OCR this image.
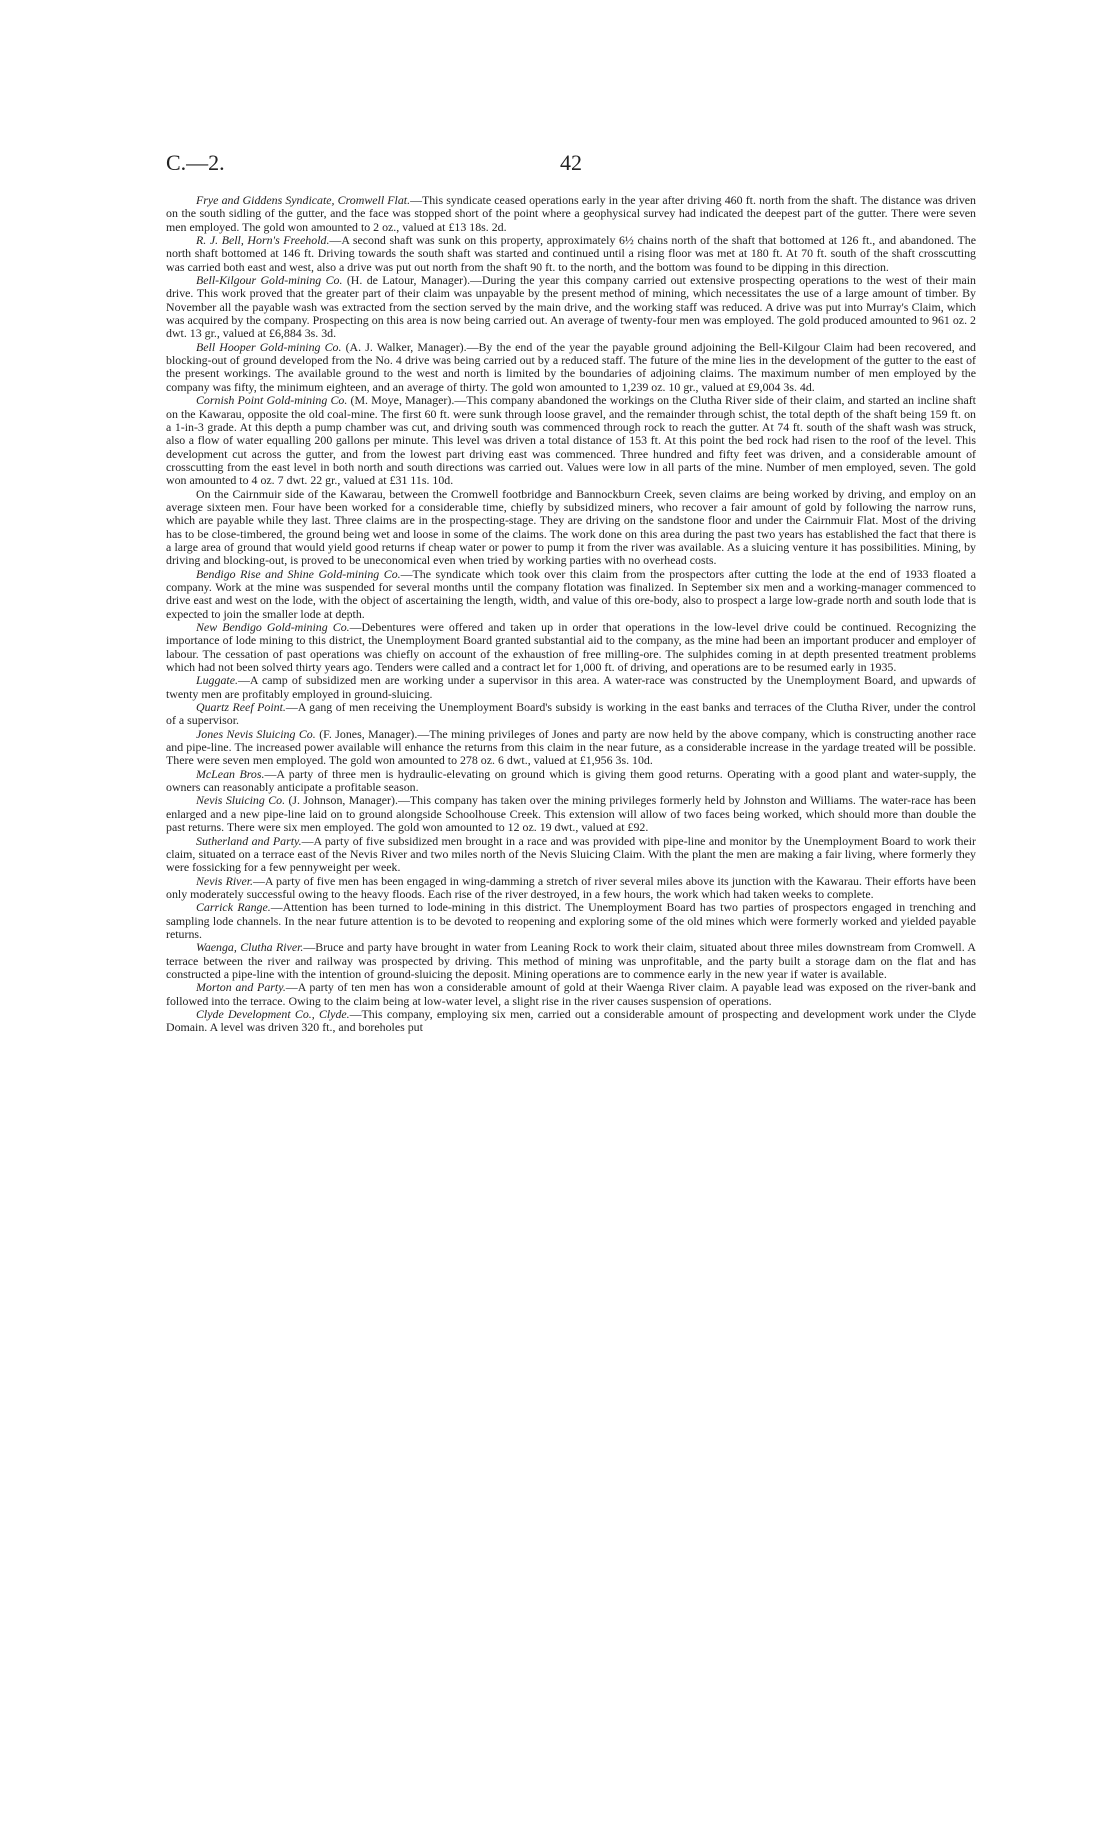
C.—2.	42

Frye and Giddens Syndicate, Cromwell Flat.—This syndicate ceased operations early in the year after driving 460 ft. north from the shaft. The distance was driven on the south sidling of the gutter, and the face was stopped short of the point where a geophysical survey had indicated the deepest part of the gutter. There were seven men employed. The gold won amounted to 2 oz., valued at £13 18s. 2d.

R. J. Bell, Horn's Freehold.—A second shaft was sunk on this property, approximately 6½ chains north of the shaft that bottomed at 126 ft., and abandoned. The north shaft bottomed at 146 ft. Driving towards the south shaft was started and continued until a rising floor was met at 180 ft. At 70 ft. south of the shaft crosscutting was carried both east and west, also a drive was put out north from the shaft 90 ft. to the north, and the bottom was found to be dipping in this direction.

Bell-Kilgour Gold-mining Co. (H. de Latour, Manager).—During the year this company carried out extensive prospecting operations to the west of their main drive. This work proved that the greater part of their claim was unpayable by the present method of mining, which necessitates the use of a large amount of timber. By November all the payable wash was extracted from the section served by the main drive, and the working staff was reduced. A drive was put into Murray's Claim, which was acquired by the company. Prospecting on this area is now being carried out. An average of twenty-four men was employed. The gold produced amounted to 961 oz. 2 dwt. 13 gr., valued at £6,884 3s. 3d.

Bell Hooper Gold-mining Co. (A. J. Walker, Manager).—By the end of the year the payable ground adjoining the Bell-Kilgour Claim had been recovered, and blocking-out of ground developed from the No. 4 drive was being carried out by a reduced staff. The future of the mine lies in the development of the gutter to the east of the present workings. The available ground to the west and north is limited by the boundaries of adjoining claims. The maximum number of men employed by the company was fifty, the minimum eighteen, and an average of thirty. The gold won amounted to 1,239 oz. 10 gr., valued at £9,004 3s. 4d.

Cornish Point Gold-mining Co. (M. Moye, Manager).—This company abandoned the workings on the Clutha River side of their claim, and started an incline shaft on the Kawarau, opposite the old coal-mine. The first 60 ft. were sunk through loose gravel, and the remainder through schist, the total depth of the shaft being 159 ft. on a 1-in-3 grade. At this depth a pump chamber was cut, and driving south was commenced through rock to reach the gutter. At 74 ft. south of the shaft wash was struck, also a flow of water equalling 200 gallons per minute. This level was driven a total distance of 153 ft. At this point the bed rock had risen to the roof of the level. This development cut across the gutter, and from the lowest part driving east was commenced. Three hundred and fifty feet was driven, and a considerable amount of crosscutting from the east level in both north and south directions was carried out. Values were low in all parts of the mine. Number of men employed, seven. The gold won amounted to 4 oz. 7 dwt. 22 gr., valued at £31 11s. 10d.

On the Cairnmuir side of the Kawarau, between the Cromwell footbridge and Bannockburn Creek, seven claims are being worked by driving, and employ on an average sixteen men. Four have been worked for a considerable time, chiefly by subsidized miners, who recover a fair amount of gold by following the narrow runs, which are payable while they last. Three claims are in the prospecting-stage. They are driving on the sandstone floor and under the Cairnmuir Flat. Most of the driving has to be close-timbered, the ground being wet and loose in some of the claims. The work done on this area during the past two years has established the fact that there is a large area of ground that would yield good returns if cheap water or power to pump it from the river was available. As a sluicing venture it has possibilities. Mining, by driving and blocking-out, is proved to be uneconomical even when tried by working parties with no overhead costs.

Bendigo Rise and Shine Gold-mining Co.—The syndicate which took over this claim from the prospectors after cutting the lode at the end of 1933 floated a company. Work at the mine was suspended for several months until the company flotation was finalized. In September six men and a working-manager commenced to drive east and west on the lode, with the object of ascertaining the length, width, and value of this ore-body, also to prospect a large low-grade north and south lode that is expected to join the smaller lode at depth.

New Bendigo Gold-mining Co.—Debentures were offered and taken up in order that operations in the low-level drive could be continued. Recognizing the importance of lode mining to this district, the Unemployment Board granted substantial aid to the company, as the mine had been an important producer and employer of labour. The cessation of past operations was chiefly on account of the exhaustion of free milling-ore. The sulphides coming in at depth presented treatment problems which had not been solved thirty years ago. Tenders were called and a contract let for 1,000 ft. of driving, and operations are to be resumed early in 1935.

Luggate.—A camp of subsidized men are working under a supervisor in this area. A water-race was constructed by the Unemployment Board, and upwards of twenty men are profitably employed in ground-sluicing.

Quartz Reef Point.—A gang of men receiving the Unemployment Board's subsidy is working in the east banks and terraces of the Clutha River, under the control of a supervisor.

Jones Nevis Sluicing Co. (F. Jones, Manager).—The mining privileges of Jones and party are now held by the above company, which is constructing another race and pipe-line. The increased power available will enhance the returns from this claim in the near future, as a considerable increase in the yardage treated will be possible. There were seven men employed. The gold won amounted to 278 oz. 6 dwt., valued at £1,956 3s. 10d.

McLean Bros.—A party of three men is hydraulic-elevating on ground which is giving them good returns. Operating with a good plant and water-supply, the owners can reasonably anticipate a profitable season.

Nevis Sluicing Co. (J. Johnson, Manager).—This company has taken over the mining privileges formerly held by Johnston and Williams. The water-race has been enlarged and a new pipe-line laid on to ground alongside Schoolhouse Creek. This extension will allow of two faces being worked, which should more than double the past returns. There were six men employed. The gold won amounted to 12 oz. 19 dwt., valued at £92.

Sutherland and Party.—A party of five subsidized men brought in a race and was provided with pipe-line and monitor by the Unemployment Board to work their claim, situated on a terrace east of the Nevis River and two miles north of the Nevis Sluicing Claim. With the plant the men are making a fair living, where formerly they were fossicking for a few pennyweight per week.

Nevis River.—A party of five men has been engaged in wing-damming a stretch of river several miles above its junction with the Kawarau. Their efforts have been only moderately successful owing to the heavy floods. Each rise of the river destroyed, in a few hours, the work which had taken weeks to complete.

Carrick Range.—Attention has been turned to lode-mining in this district. The Unemployment Board has two parties of prospectors engaged in trenching and sampling lode channels. In the near future attention is to be devoted to reopening and exploring some of the old mines which were formerly worked and yielded payable returns.

Waenga, Clutha River.—Bruce and party have brought in water from Leaning Rock to work their claim, situated about three miles downstream from Cromwell. A terrace between the river and railway was prospected by driving. This method of mining was unprofitable, and the party built a storage dam on the flat and has constructed a pipe-line with the intention of ground-sluicing the deposit. Mining operations are to commence early in the new year if water is available.

Morton and Party.—A party of ten men has won a considerable amount of gold at their Waenga River claim. A payable lead was exposed on the river-bank and followed into the terrace. Owing to the claim being at low-water level, a slight rise in the river causes suspension of operations.

Clyde Development Co., Clyde.—This company, employing six men, carried out a considerable amount of prospecting and development work under the Clyde Domain. A level was driven 320 ft., and boreholes put
